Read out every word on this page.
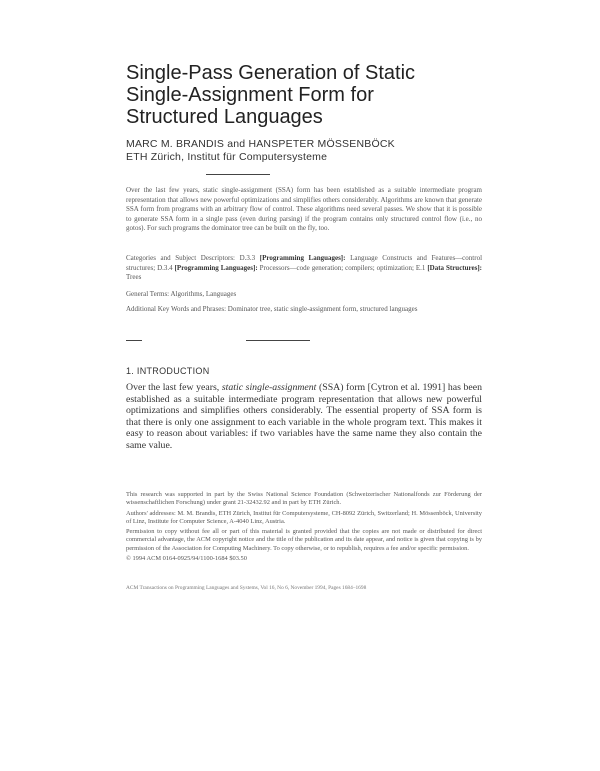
Single-Pass Generation of Static
Single-Assignment Form for
Structured Languages
MARC M. BRANDIS and HANSPETER MÖSSENBÖCK
ETH Zürich, Institut für Computersysteme
Over the last few years, static single-assignment (SSA) form has been established as a suitable intermediate program representation that allows new powerful optimizations and simplifies others considerably. Algorithms are known that generate SSA form from programs with an arbitrary flow of control. These algorithms need several passes. We show that it is possible to generate SSA form in a single pass (even during parsing) if the program contains only structured control flow (i.e., no gotos). For such programs the dominator tree can be built on the fly, too.
Categories and Subject Descriptors: D.3.3 [Programming Languages]: Language Constructs and Features—control structures; D.3.4 [Programming Languages]: Processors—code generation; compilers; optimization; E.1 [Data Structures]: Trees
General Terms: Algorithms, Languages
Additional Key Words and Phrases: Dominator tree, static single-assignment form, structured languages
1. INTRODUCTION
Over the last few years, static single-assignment (SSA) form [Cytron et al. 1991] has been established as a suitable intermediate program representation that allows new powerful optimizations and simplifies others considerably. The essential property of SSA form is that there is only one assignment to each variable in the whole program text. This makes it easy to reason about variables: if two variables have the same name they also contain the same value.

This research was supported in part by the Swiss National Science Foundation (Schweizerischer Nationalfonds zur Förderung der wissenschaftlichen Forschung) under grant 21-32432.92 and in part by ETH Zürich.

Authors' addresses: M. M. Brandis, ETH Zürich, Institut für Computersysteme, CH-8092 Zürich, Switzerland; H. Mössenböck, University of Linz, Institute for Computer Science, A-4040 Linz, Austria.

Permission to copy without fee all or part of this material is granted provided that the copies are not made or distributed for direct commercial advantage, the ACM copyright notice and the title of the publication and its date appear, and notice is given that copying is by permission of the Association for Computing Machinery. To copy otherwise, or to republish, requires a fee and/or specific permission.

© 1994 ACM 0164-0925/94/1100-1684 $03.50

ACM Transactions on Programming Languages and Systems, Vol 16, No 6, November 1994, Pages 1684–1698
